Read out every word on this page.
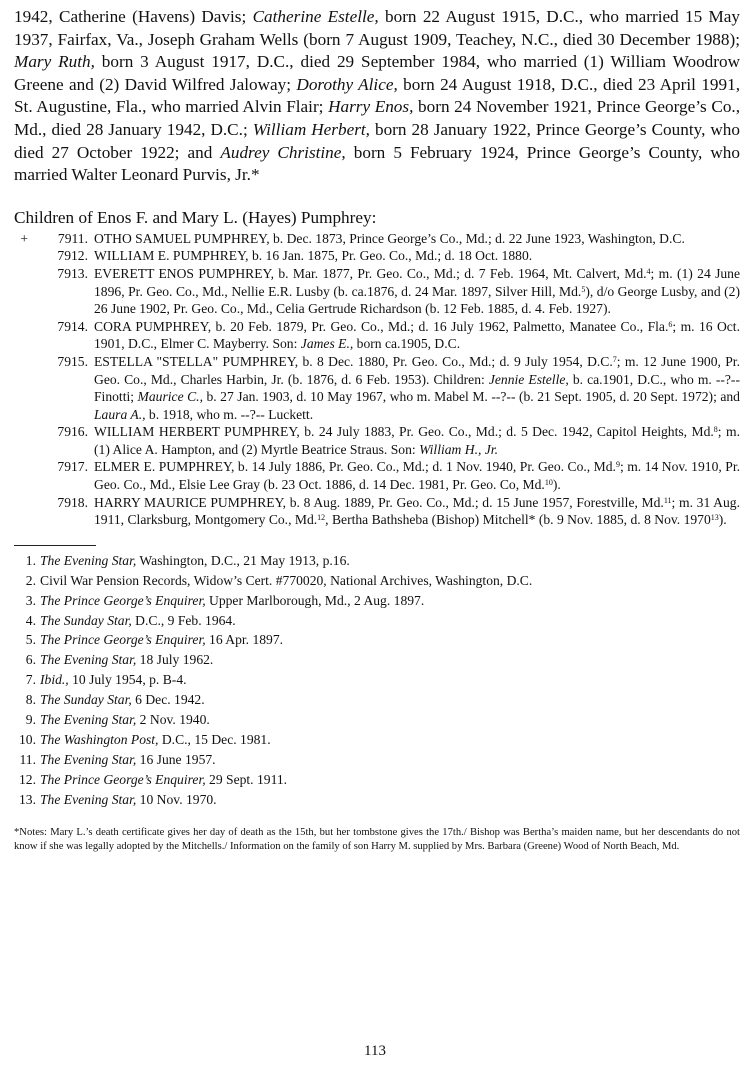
1942, Catherine (Havens) Davis; Catherine Estelle, born 22 August 1915, D.C., who married 15 May 1937, Fairfax, Va., Joseph Graham Wells (born 7 August 1909, Teachey, N.C., died 30 December 1988); Mary Ruth, born 3 August 1917, D.C., died 29 September 1984, who married (1) William Woodrow Greene and (2) David Wilfred Jaloway; Dorothy Alice, born 24 August 1918, D.C., died 23 April 1991, St. Augustine, Fla., who married Alvin Flair; Harry Enos, born 24 November 1921, Prince George’s Co., Md., died 28 January 1942, D.C.; William Herbert, born 28 January 1922, Prince George’s County, who died 27 October 1922; and Audrey Christine, born 5 February 1924, Prince George’s County, who married Walter Leonard Purvis, Jr.*

Children of Enos F. and Mary L. (Hayes) Pumphrey:
+	7911. OTHO SAMUEL PUMPHREY, b. Dec. 1873, Prince George’s Co., Md.; d. 22 June 1923, Washington, D.C.
7912. WILLIAM E. PUMPHREY, b. 16 Jan. 1875, Pr. Geo. Co., Md.; d. 18 Oct. 1880.
7913. EVERETT ENOS PUMPHREY, b. Mar. 1877, Pr. Geo. Co., Md.; d. 7 Feb. 1964, Mt. Calvert, Md.$^4$; m. (1) 24 June 1896, Pr. Geo. Co., Md., Nellie E.R. Lusby (b. ca.1876, d. 24 Mar. 1897, Silver Hill, Md.$^5$), d/o George Lusby, and (2) 26 June 1902, Pr. Geo. Co., Md., Celia Gertrude Richardson (b. 12 Feb. 1885, d. 4. Feb. 1927).
7914. CORA PUMPHREY, b. 20 Feb. 1879, Pr. Geo. Co., Md.; d. 16 July 1962, Palmetto, Manatee Co., Fla.$^6$; m. 16 Oct. 1901, D.C., Elmer C. Mayberry. Son: James E., born ca.1905, D.C.
7915. ESTELLA "STELLA" PUMPHREY, b. 8 Dec. 1880, Pr. Geo. Co., Md.; d. 9 July 1954, D.C.$^7$; m. 12 June 1900, Pr. Geo. Co., Md., Charles Harbin, Jr. (b. 1876, d. 6 Feb. 1953). Children: Jennie Estelle, b. ca.1901, D.C., who m. --?-- Finotti; Maurice C., b. 27 Jan. 1903, d. 10 May 1967, who m. Mabel M. --?-- (b. 21 Sept. 1905, d. 20 Sept. 1972); and Laura A., b. 1918, who m. --?-- Luckett.
7916. WILLIAM HERBERT PUMPHREY, b. 24 July 1883, Pr. Geo. Co., Md.; d. 5 Dec. 1942, Capitol Heights, Md.$^8$; m. (1) Alice A. Hampton, and (2) Myrtle Beatrice Straus. Son: William H., Jr.
7917. ELMER E. PUMPHREY, b. 14 July 1886, Pr. Geo. Co., Md.; d. 1 Nov. 1940, Pr. Geo. Co., Md.$^9$; m. 14 Nov. 1910, Pr. Geo. Co., Md., Elsie Lee Gray (b. 23 Oct. 1886, d. 14 Dec. 1981, Pr. Geo. Co, Md.$^{10}$).
7918. HARRY MAURICE PUMPHREY, b. 8 Aug. 1889, Pr. Geo. Co., Md.; d. 15 June 1957, Forestville, Md.$^{11}$; m. 31 Aug. 1911, Clarksburg, Montgomery Co., Md.$^{12}$, Bertha Bathsheba (Bishop) Mitchell* (b. 9 Nov. 1885, d. 8 Nov. 1970$^{13}$).
1. The Evening Star, Washington, D.C., 21 May 1913, p.16.
2. Civil War Pension Records, Widow’s Cert. #770020, National Archives, Washington, D.C.
3. The Prince George’s Enquirer, Upper Marlborough, Md., 2 Aug. 1897.
4. The Sunday Star, D.C., 9 Feb. 1964.
5. The Prince George’s Enquirer, 16 Apr. 1897.
6. The Evening Star, 18 July 1962.
7. Ibid., 10 July 1954, p. B-4.
8. The Sunday Star, 6 Dec. 1942.
9. The Evening Star, 2 Nov. 1940.
10. The Washington Post, D.C., 15 Dec. 1981.
11. The Evening Star, 16 June 1957.
12. The Prince George’s Enquirer, 29 Sept. 1911.
13. The Evening Star, 10 Nov. 1970.
*Notes: Mary L.’s death certificate gives her day of death as the 15th, but her tombstone gives the 17th./ Bishop was Bertha’s maiden name, but her descendants do not know if she was legally adopted by the Mitchells./ Information on the family of son Harry M. supplied by Mrs. Barbara (Greene) Wood of North Beach, Md.
113
